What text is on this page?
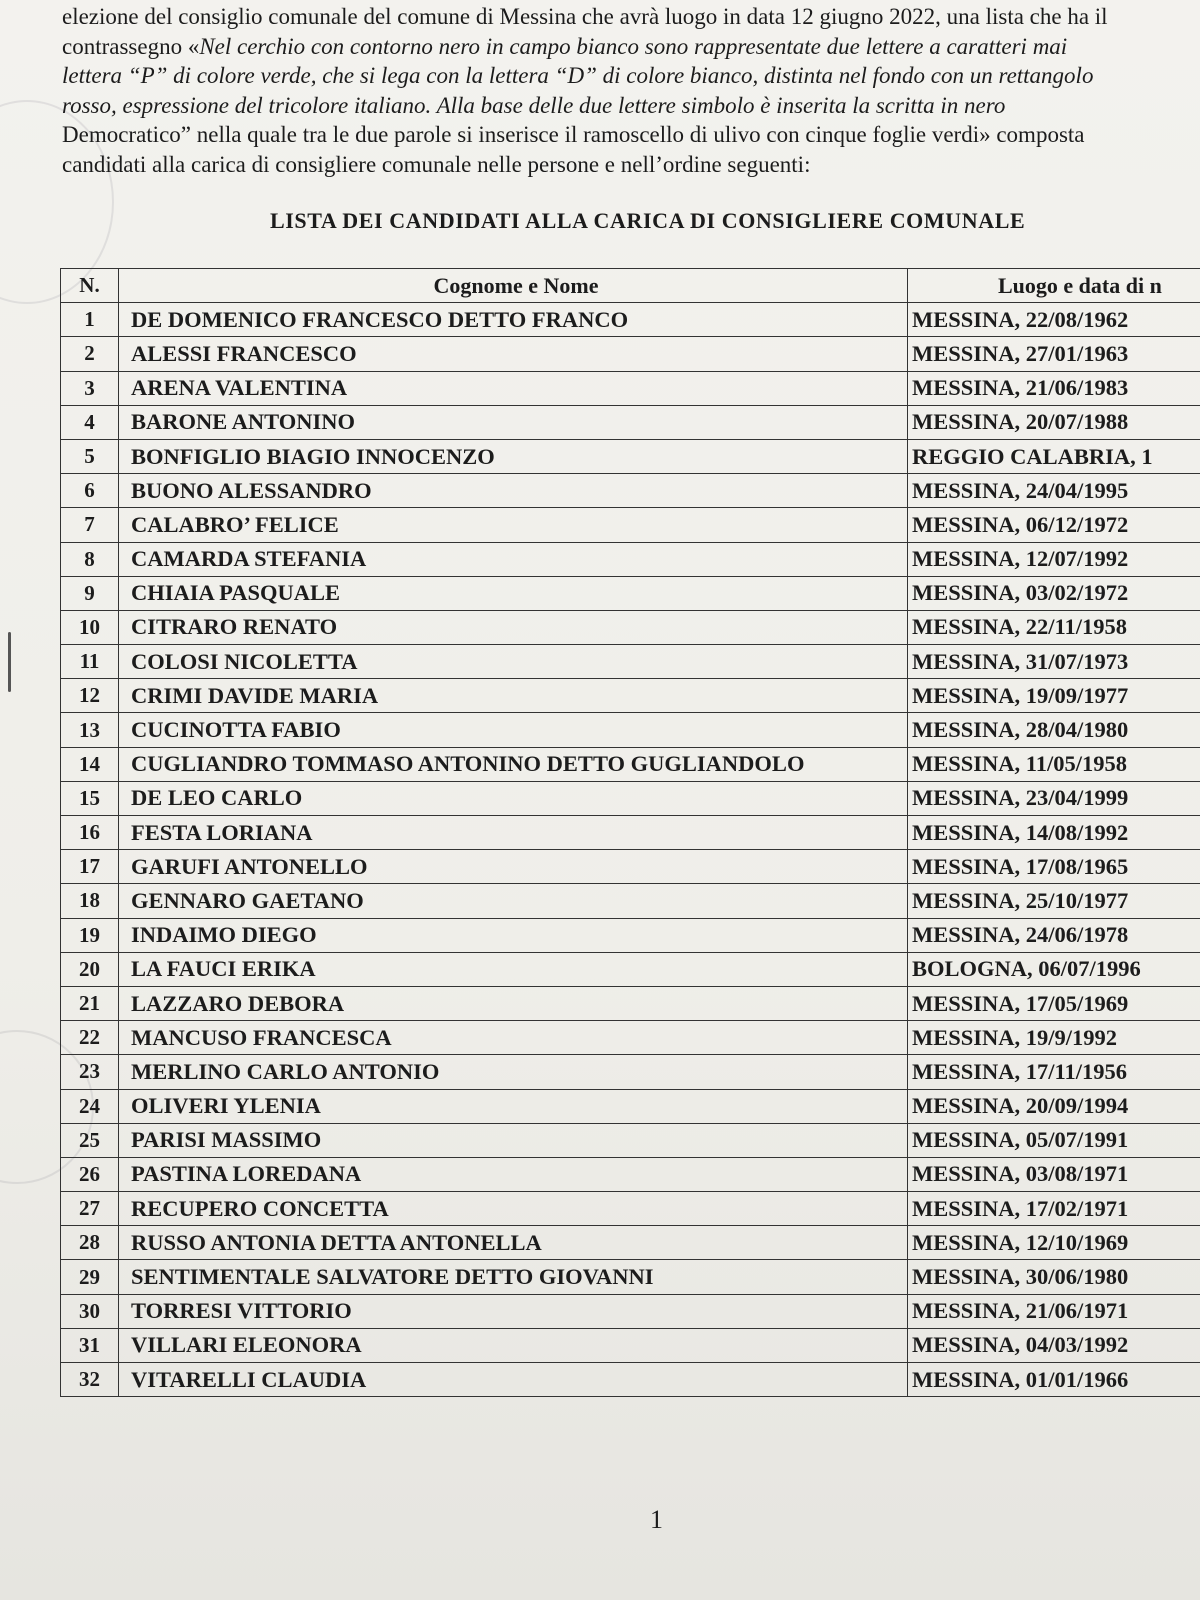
elezione del consiglio comunale del comune di Messina che avrà luogo in data 12 giugno 2022, una lista che ha il
contrassegno «Nel cerchio con contorno nero in campo bianco sono rappresentate due lettere a caratteri mai
lettera “P” di colore verde, che si lega con la lettera “D” di colore bianco, distinta nel fondo con un rettangolo
rosso, espressione del tricolore italiano. Alla base delle due lettere simbolo è inserita la scritta in nero
Democratico” nella quale tra le due parole si inserisce il ramoscello di ulivo con cinque foglie verdi» composta
candidati alla carica di consigliere comunale nelle persone e nell’ordine seguenti:
LISTA DEI CANDIDATI ALLA CARICA DI CONSIGLIERE COMUNALE
N.	Cognome e Nome	Luogo e data di n
1	DE DOMENICO FRANCESCO DETTO FRANCO	MESSINA, 22/08/1962
2	ALESSI FRANCESCO	MESSINA, 27/01/1963
3	ARENA VALENTINA	MESSINA, 21/06/1983
4	BARONE ANTONINO	MESSINA, 20/07/1988
5	BONFIGLIO BIAGIO INNOCENZO	REGGIO CALABRIA, 1
6	BUONO ALESSANDRO	MESSINA, 24/04/1995
7	CALABRO’ FELICE	MESSINA, 06/12/1972
8	CAMARDA STEFANIA	MESSINA, 12/07/1992
9	CHIAIA PASQUALE	MESSINA, 03/02/1972
10	CITRARO RENATO	MESSINA, 22/11/1958
11	COLOSI NICOLETTA	MESSINA, 31/07/1973
12	CRIMI DAVIDE MARIA	MESSINA, 19/09/1977
13	CUCINOTTA FABIO	MESSINA, 28/04/1980
14	CUGLIANDRO TOMMASO ANTONINO DETTO GUGLIANDOLO	MESSINA, 11/05/1958
15	DE LEO CARLO	MESSINA, 23/04/1999
16	FESTA LORIANA	MESSINA, 14/08/1992
17	GARUFI ANTONELLO	MESSINA, 17/08/1965
18	GENNARO GAETANO	MESSINA, 25/10/1977
19	INDAIMO DIEGO	MESSINA, 24/06/1978
20	LA FAUCI ERIKA	BOLOGNA, 06/07/1996
21	LAZZARO DEBORA	MESSINA, 17/05/1969
22	MANCUSO FRANCESCA	MESSINA, 19/9/1992
23	MERLINO CARLO ANTONIO	MESSINA, 17/11/1956
24	OLIVERI YLENIA	MESSINA, 20/09/1994
25	PARISI MASSIMO	MESSINA, 05/07/1991
26	PASTINA LOREDANA	MESSINA, 03/08/1971
27	RECUPERO CONCETTA	MESSINA, 17/02/1971
28	RUSSO ANTONIA DETTA ANTONELLA	MESSINA, 12/10/1969
29	SENTIMENTALE SALVATORE DETTO GIOVANNI	MESSINA, 30/06/1980
30	TORRESI VITTORIO	MESSINA, 21/06/1971
31	VILLARI ELEONORA	MESSINA, 04/03/1992
32	VITARELLI CLAUDIA	MESSINA, 01/01/1966
1
